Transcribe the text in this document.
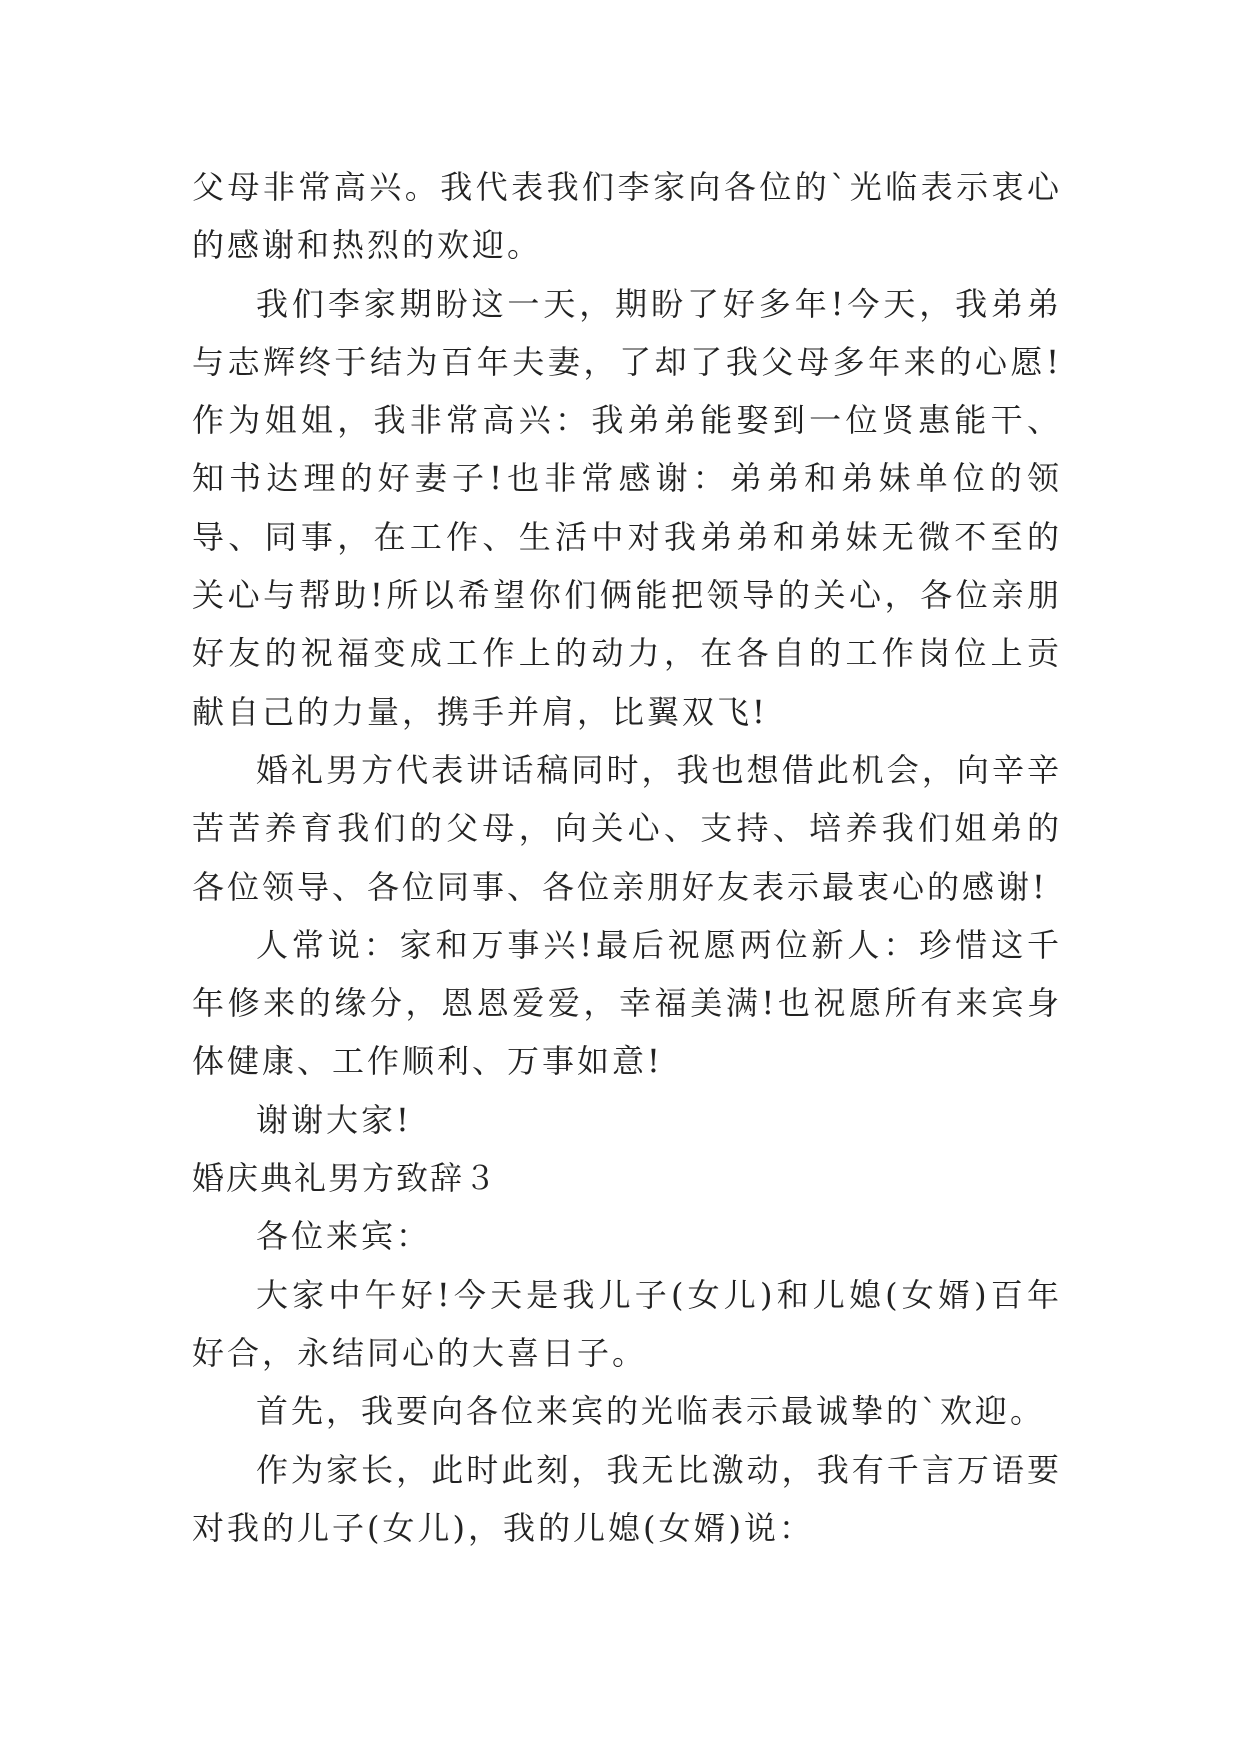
父母非常高兴。我代表我们李家向各位的`光临表示衷心的感谢和热烈的欢迎。

我们李家期盼这一天，期盼了好多年!今天，我弟弟与志辉终于结为百年夫妻，了却了我父母多年来的心愿!作为姐姐，我非常高兴：我弟弟能娶到一位贤惠能干、知书达理的好妻子!也非常感谢：弟弟和弟妹单位的领导、同事，在工作、生活中对我弟弟和弟妹无微不至的关心与帮助!所以希望你们俩能把领导的关心，各位亲朋好友的祝福变成工作上的动力，在各自的工作岗位上贡献自己的力量，携手并肩，比翼双飞!

婚礼男方代表讲话稿同时，我也想借此机会，向辛辛苦苦养育我们的父母，向关心、支持、培养我们姐弟的各位领导、各位同事、各位亲朋好友表示最衷心的感谢!

人常说：家和万事兴!最后祝愿两位新人：珍惜这千年修来的缘分，恩恩爱爱，幸福美满!也祝愿所有来宾身体健康、工作顺利、万事如意!

谢谢大家!

婚庆典礼男方致辞３

各位来宾：

大家中午好!今天是我儿子(女儿)和儿媳(女婿)百年好合，永结同心的大喜日子。

首先，我要向各位来宾的光临表示最诚挚的`欢迎。

作为家长，此时此刻，我无比激动，我有千言万语要对我的儿子(女儿)，我的儿媳(女婿)说：
